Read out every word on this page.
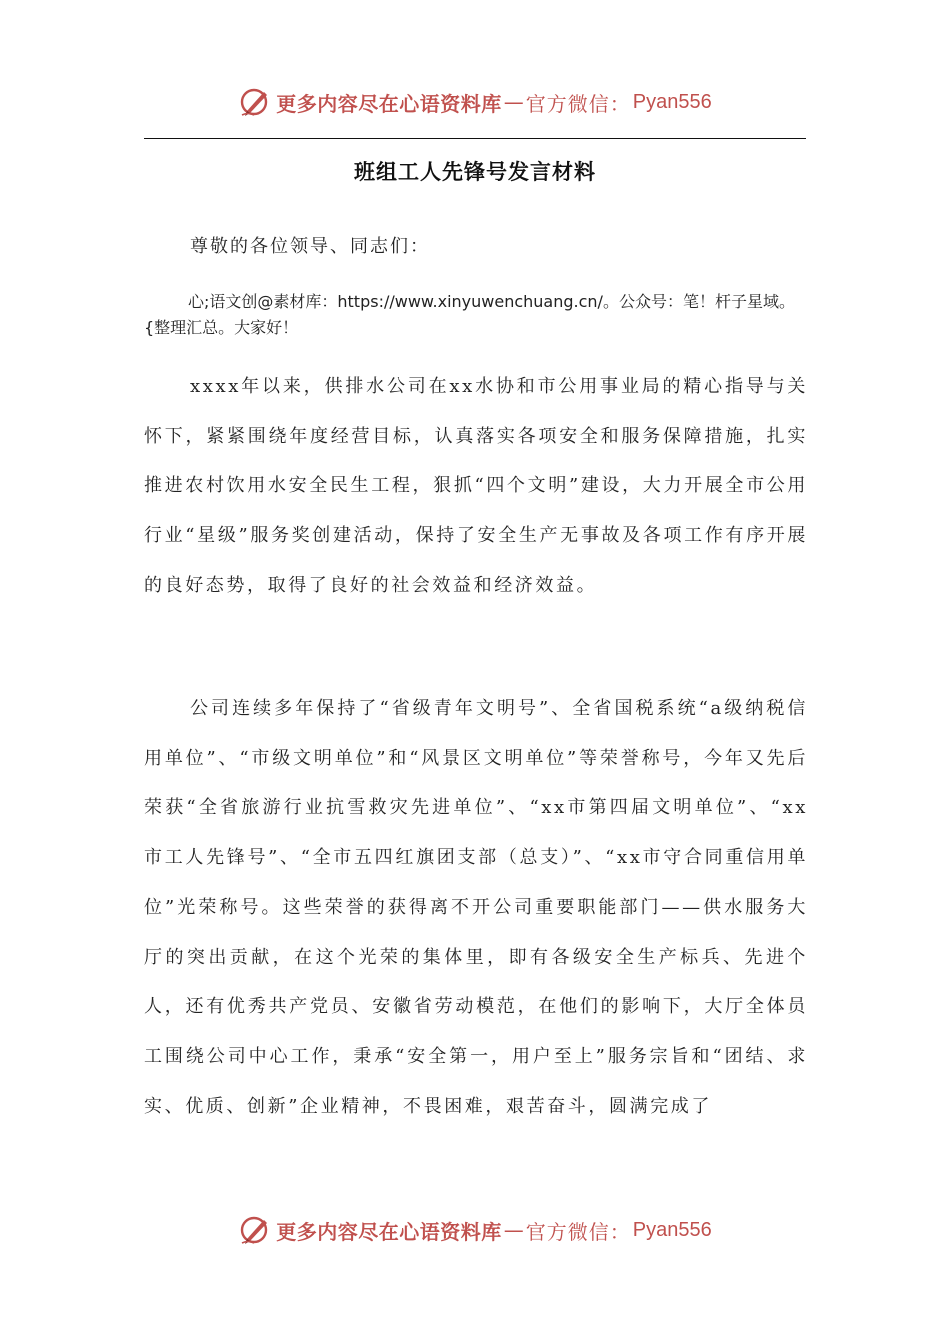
更多内容尽在心语资料库 — 官方微信： Pyan556
班组工人先锋号发言材料
尊敬的各位领导、同志们：
心;语文创@素材库：https://www.xinyuwenchuang.cn/。公众号：笔！杆子星域。{整理汇总。大家好！

xxxx年以来，供排水公司在xx水协和市公用事业局的精心指导与关怀下，紧紧围绕年度经营目标，认真落实各项安全和服务保障措施，扎实推进农村饮用水安全民生工程，狠抓“四个文明”建设，大力开展全市公用行业“星级”服务奖创建活动，保持了安全生产无事故及各项工作有序开展的良好态势，取得了良好的社会效益和经济效益。

公司连续多年保持了“省级青年文明号”、全省国税系统“a级纳税信用单位”、“市级文明单位”和“风景区文明单位”等荣誉称号，今年又先后荣获“全省旅游行业抗雪救灾先进单位”、“xx市第四届文明单位”、“xx市工人先锋号”、“全市五四红旗团支部（总支）”、“xx市守合同重信用单位”光荣称号。这些荣誉的获得离不开公司重要职能部门——供水服务大厅的突出贡献，在这个光荣的集体里，即有各级安全生产标兵、先进个人，还有优秀共产党员、安徽省劳动模范，在他们的影响下，大厅全体员工围绕公司中心工作，秉承“安全第一，用户至上”服务宗旨和“团结、求实、优质、创新”企业精神，不畏困难，艰苦奋斗，圆满完成了

更多内容尽在心语资料库 — 官方微信： Pyan556
